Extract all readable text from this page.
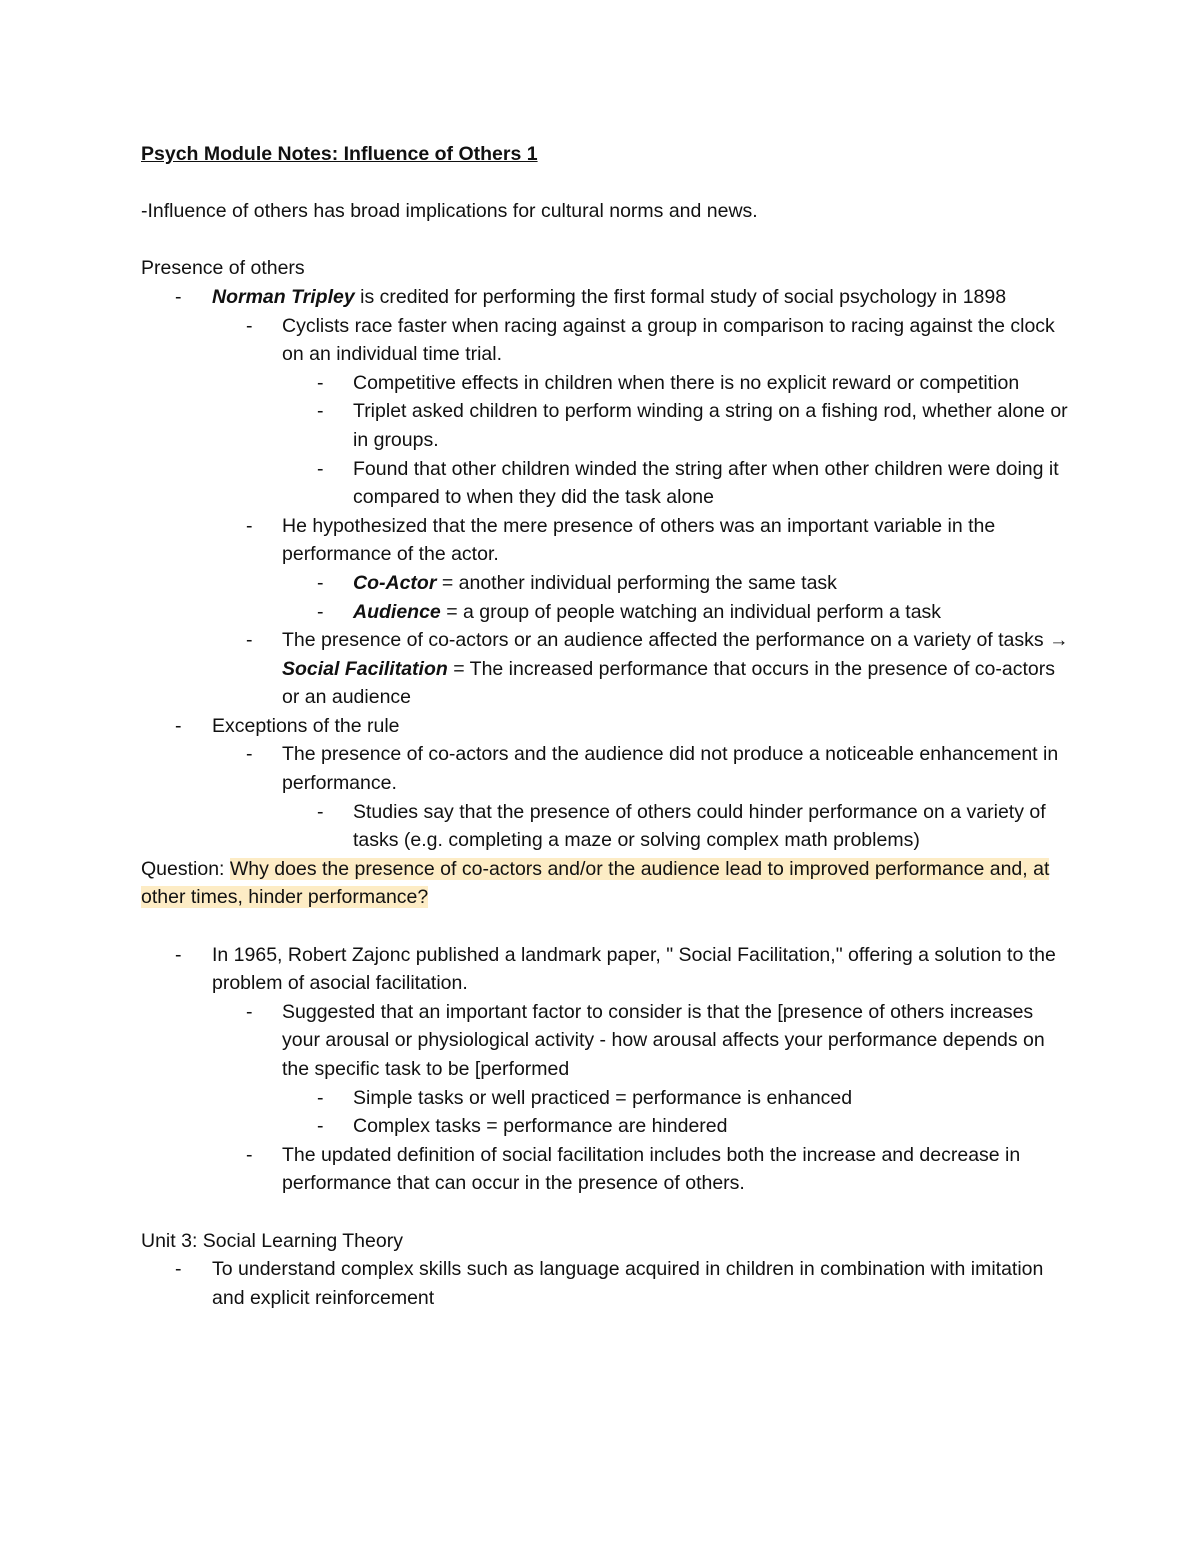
Psych Module Notes: Influence of Others 1
-Influence of others has broad implications for cultural norms and news.
Presence of others
- Norman Tripley is credited for performing the first formal study of social psychology in 1898
- Cyclists race faster when racing against a group in comparison to racing against the clock on an individual time trial.
- Competitive effects in children when there is no explicit reward or competition
- Triplet asked children to perform winding a string on a fishing rod, whether alone or in groups.
- Found that other children winded the string after when other children were doing it compared to when they did the task alone
- He hypothesized that the mere presence of others was an important variable in the performance of the actor.
- Co-Actor = another individual performing the same task
- Audience = a group of people watching an individual perform a task
- The presence of co-actors or an audience affected the performance on a variety of tasks → Social Facilitation = The increased performance that occurs in the presence of co-actors or an audience
- Exceptions of the rule
- The presence of co-actors and the audience did not produce a noticeable enhancement in performance.
- Studies say that the presence of others could hinder performance on a variety of tasks (e.g. completing a maze or solving complex math problems)
Question: Why does the presence of co-actors and/or the audience lead to improved performance and, at other times, hinder performance?
- In 1965, Robert Zajonc published a landmark paper, " Social Facilitation," offering a solution to the problem of asocial facilitation.
- Suggested that an important factor to consider is that the [presence of others increases your arousal or physiological activity - how arousal affects your performance depends on the specific task to be [performed
- Simple tasks or well practiced = performance is enhanced
- Complex tasks = performance are hindered
- The updated definition of social facilitation includes both the increase and decrease in performance that can occur in the presence of others.
Unit 3: Social Learning Theory
- To understand complex skills such as language acquired in children in combination with imitation and explicit reinforcement
